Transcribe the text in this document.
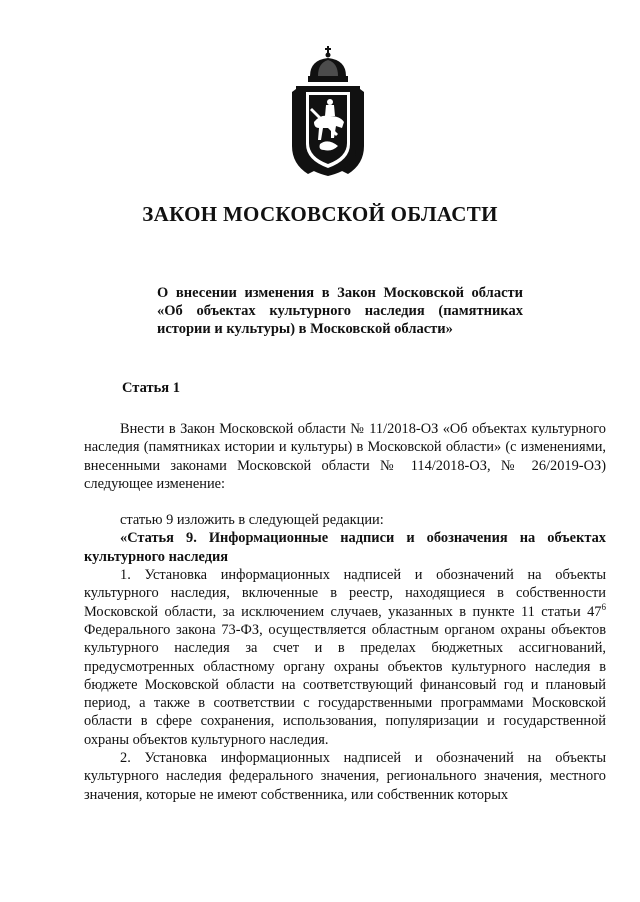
ЗАКОН МОСКОВСКОЙ ОБЛАСТИ
О внесении изменения в Закон Московской области «Об объектах культурного наследия (памятниках истории и культуры) в Московской области»
Статья 1

Внести в Закон Московской области № 11/2018-ОЗ «Об объектах культурного наследия (памятниках истории и культуры) в Московской области» (с изменениями, внесенными законами Московской области № 114/2018-ОЗ, № 26/2019-ОЗ) следующее изменение:

статью 9 изложить в следующей редакции:

«Статья 9. Информационные надписи и обозначения на объектах культурного наследия

1. Установка информационных надписей и обозначений на объекты культурного наследия, включенные в реестр, находящиеся в собственности Московской области, за исключением случаев, указанных в пункте 11 статьи $47^6$ Федерального закона 73-ФЗ, осуществляется областным органом охраны объектов культурного наследия за счет и в пределах бюджетных ассигнований, предусмотренных областному органу охраны объектов культурного наследия в бюджете Московской области на соответствующий финансовый год и плановый период, а также в соответствии с государственными программами Московской области в сфере сохранения, использования, популяризации и государственной охраны объектов культурного наследия.

2. Установка информационных надписей и обозначений на объекты культурного наследия федерального значения, регионального значения, местного значения, которые не имеют собственника, или собственник которых
